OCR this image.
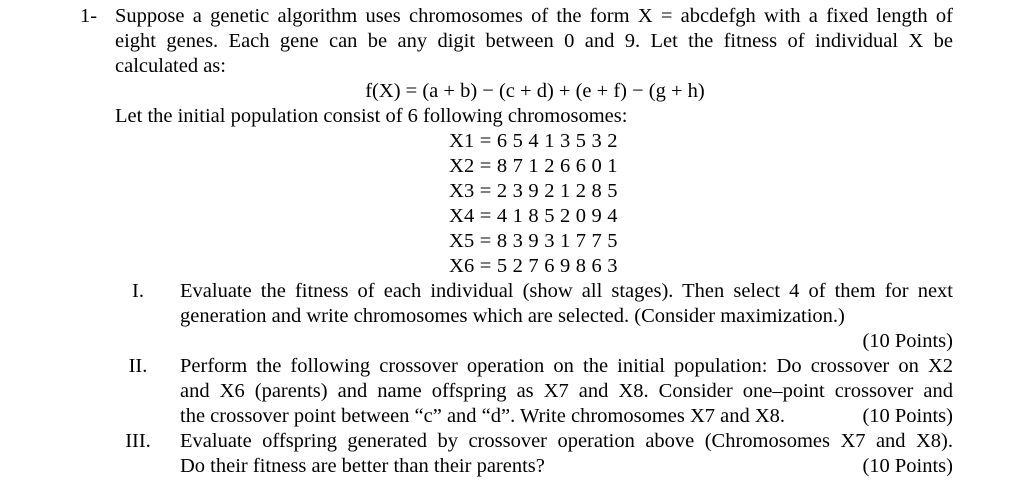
1- Suppose a genetic algorithm uses chromosomes of the form X = abcdefgh with a fixed length of
eight genes. Each gene can be any digit between 0 and 9. Let the fitness of individual X be
calculated as:
f(X) = (a + b) − (c + d) + (e + f) − (g + h)
Let the initial population consist of 6 following chromosomes:
X1 = 6 5 4 1 3 5 3 2
X2 = 8 7 1 2 6 6 0 1
X3 = 2 3 9 2 1 2 8 5
X4 = 4 1 8 5 2 0 9 4
X5 = 8 3 9 3 1 7 7 5
X6 = 5 2 7 6 9 8 6 3
I.	Evaluate the fitness of each individual (show all stages). Then select 4 of them for next
generation and write chromosomes which are selected. (Consider maximization.)
(10 Points)
II.	Perform the following crossover operation on the initial population: Do crossover on X2
and X6 (parents) and name offspring as X7 and X8. Consider one–point crossover and
the crossover point between “c” and “d”. Write chromosomes X7 and X8.	(10 Points)
III.	Evaluate offspring generated by crossover operation above (Chromosomes X7 and X8).
Do their fitness are better than their parents?	(10 Points)
